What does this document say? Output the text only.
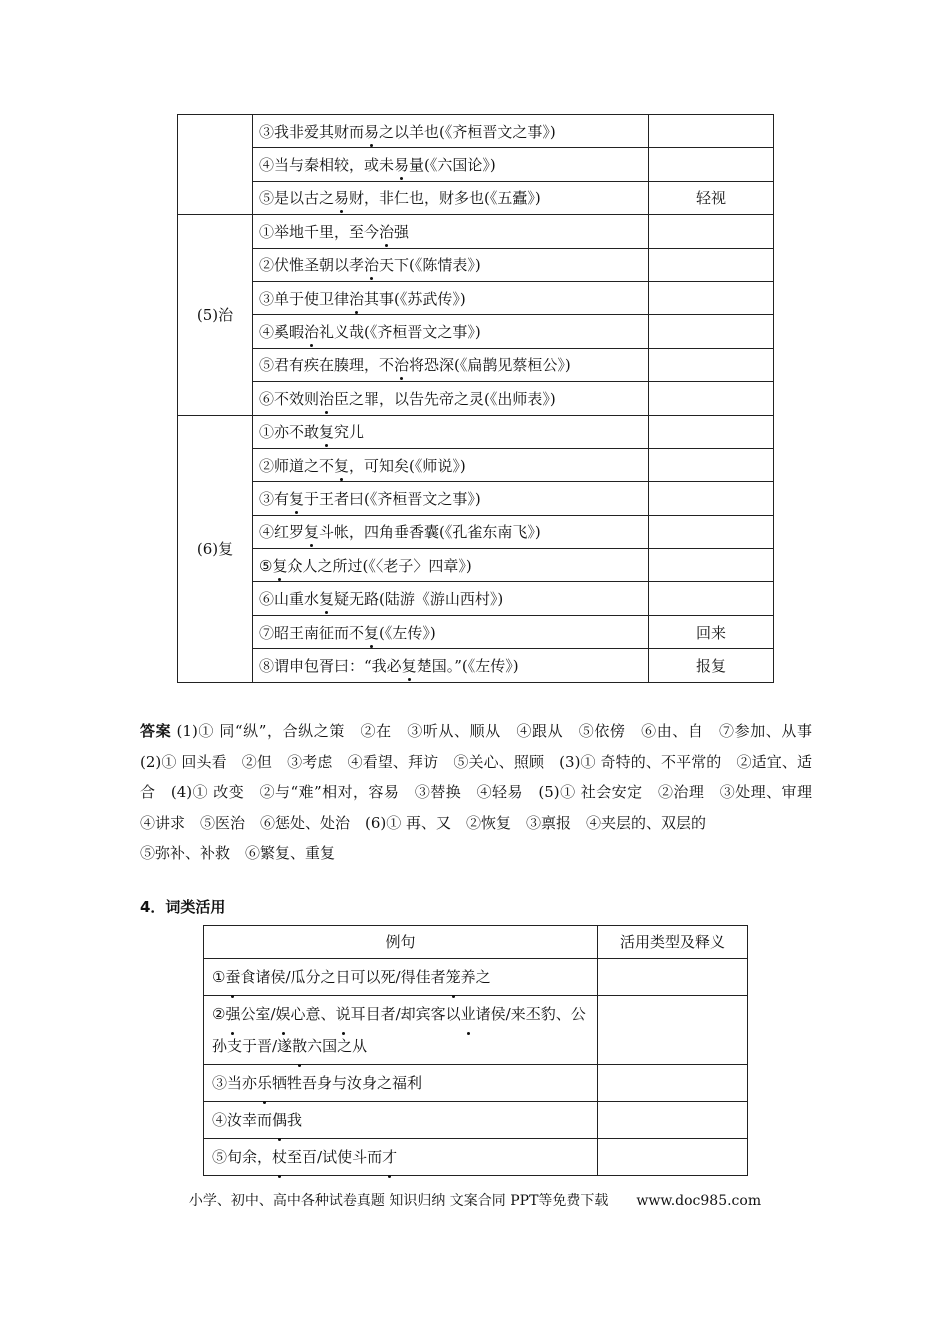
	③我非爱其财而易之以羊也(《齐桓晋文之事》)	
	④当与秦相较，或未易量(《六国论》)	
	⑤是以古之易财，非仁也，财多也(《五蠹》)	轻视
(5)治	①举地千里，至今治强	
	②伏惟圣朝以孝治天下(《陈情表》)	
	③单于使卫律治其事(《苏武传》)	
	④奚暇治礼义哉(《齐桓晋文之事》)	
	⑤君有疾在腠理，不治将恐深(《扁鹊见蔡桓公》)	
	⑥不效则治臣之罪，以告先帝之灵(《出师表》)	
(6)复	①亦不敢复究儿	
	②师道之不复，可知矣(《师说》)	
	③有复于王者曰(《齐桓晋文之事》)	
	④红罗复斗帐，四角垂香囊(《孔雀东南飞》)	
	⑤复众人之所过(《〈老子〉四章》)	
	⑥山重水复疑无路(陆游《游山西村》)	
	⑦昭王南征而不复(《左传》)	回来
	⑧谓申包胥曰：“我必复楚国。”(《左传》)	报复
答案 (1)① 同“纵”，合纵之策　②在　③听从、顺从　④跟从　⑤依傍　⑥由、自　⑦参加、从事　(2)① 回头看　②但　③考虑　④看望、拜访　⑤关心、照顾　(3)① 奇特的、不平常的　②适宜、适合　(4)① 改变　②与“难”相对，容易　③替换　④轻易　(5)① 社会安定　②治理　③处理、审理　④讲求　⑤医治　⑥惩处、处治　(6)① 再、又　②恢复　③禀报　④夹层的、双层的
⑤弥补、补救　⑥繁复、重复
4．词类活用
例句	活用类型及释义
①蚕食诸侯/瓜分之日可以死/得佳者笼养之	
②强公室/娱心意、说耳目者/却宾客以业诸侯/来丕豹、公孙支于晋/遂散六国之从	
③当亦乐牺牲吾身与汝身之福利	
④汝幸而偶我	
⑤旬余，杖至百/试使斗而才	
小学、初中、高中各种试卷真题 知识归纳 文案合同 PPT等免费下载　　www.doc985.com
